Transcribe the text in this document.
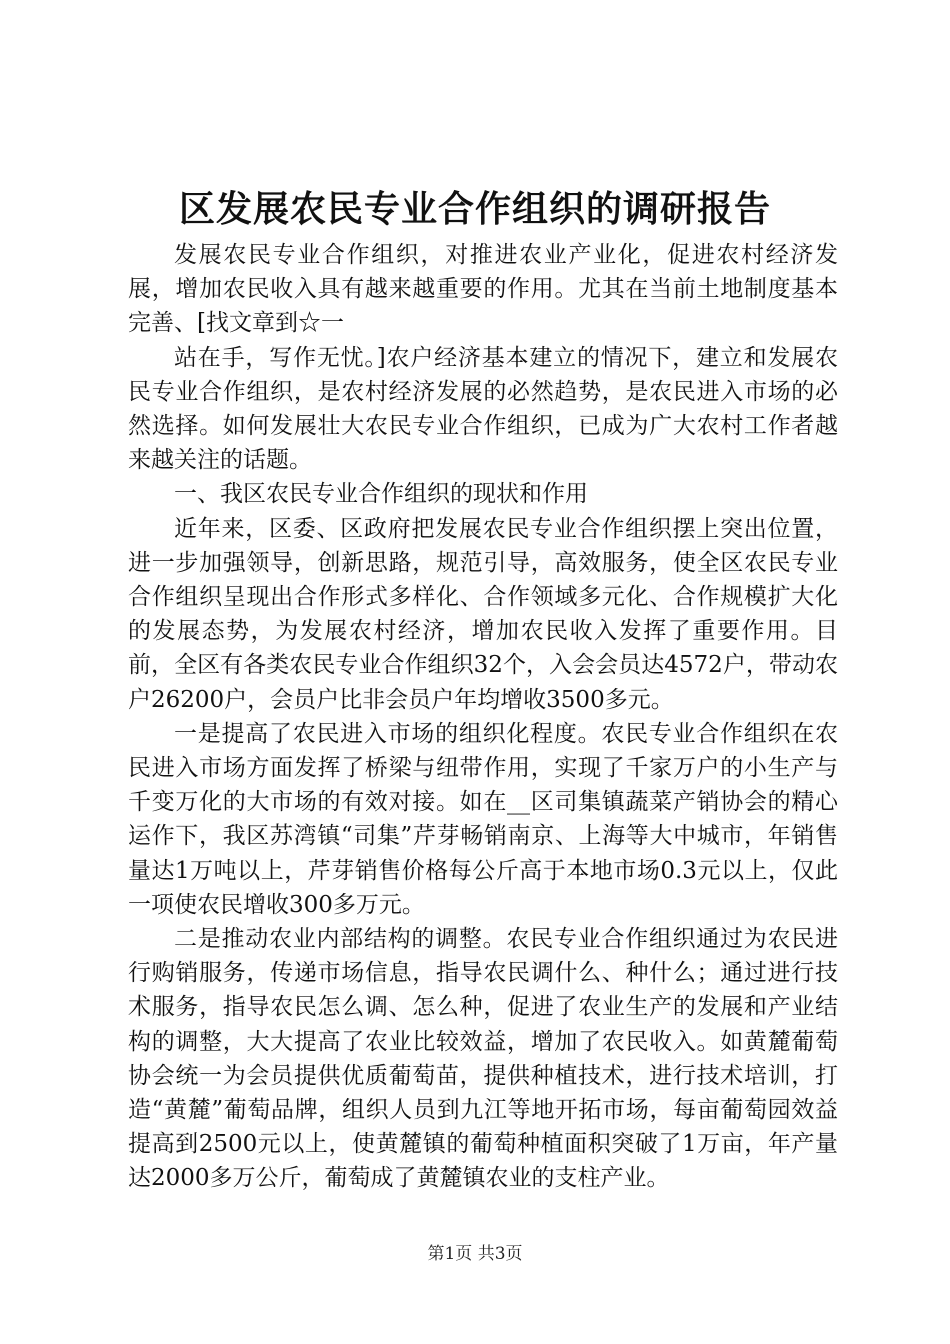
区发展农民专业合作组织的调研报告

发展农民专业合作组织，对推进农业产业化，促进农村经济发展，增加农民收入具有越来越重要的作用。尤其在当前土地制度基本完善、[找文章到☆一

站在手，写作无忧。]农户经济基本建立的情况下，建立和发展农民专业合作组织，是农村经济发展的必然趋势，是农民进入市场的必然选择。如何发展壮大农民专业合作组织，已成为广大农村工作者越来越关注的话题。

一、我区农民专业合作组织的现状和作用

近年来，区委、区政府把发展农民专业合作组织摆上突出位置，进一步加强领导，创新思路，规范引导，高效服务，使全区农民专业合作组织呈现出合作形式多样化、合作领域多元化、合作规模扩大化的发展态势，为发展农村经济，增加农民收入发挥了重要作用。目前，全区有各类农民专业合作组织32个，入会会员达4572户，带动农户26200户，会员户比非会员户年均增收3500多元。

一是提高了农民进入市场的组织化程度。农民专业合作组织在农民进入市场方面发挥了桥梁与纽带作用，实现了千家万户的小生产与千变万化的大市场的有效对接。如在__区司集镇蔬菜产销协会的精心运作下，我区苏湾镇“司集”芹芽畅销南京、上海等大中城市，年销售量达1万吨以上，芹芽销售价格每公斤高于本地市场0.3元以上，仅此一项使农民增收300多万元。

二是推动农业内部结构的调整。农民专业合作组织通过为农民进行购销服务，传递市场信息，指导农民调什么、种什么；通过进行技术服务，指导农民怎么调、怎么种，促进了农业生产的发展和产业结构的调整，大大提高了农业比较效益，增加了农民收入。如黄麓葡萄协会统一为会员提供优质葡萄苗，提供种植技术，进行技术培训，打造“黄麓”葡萄品牌，组织人员到九江等地开拓市场，每亩葡萄园效益提高到2500元以上，使黄麓镇的葡萄种植面积突破了1万亩，年产量达2000多万公斤，葡萄成了黄麓镇农业的支柱产业。

第1页 共3页
